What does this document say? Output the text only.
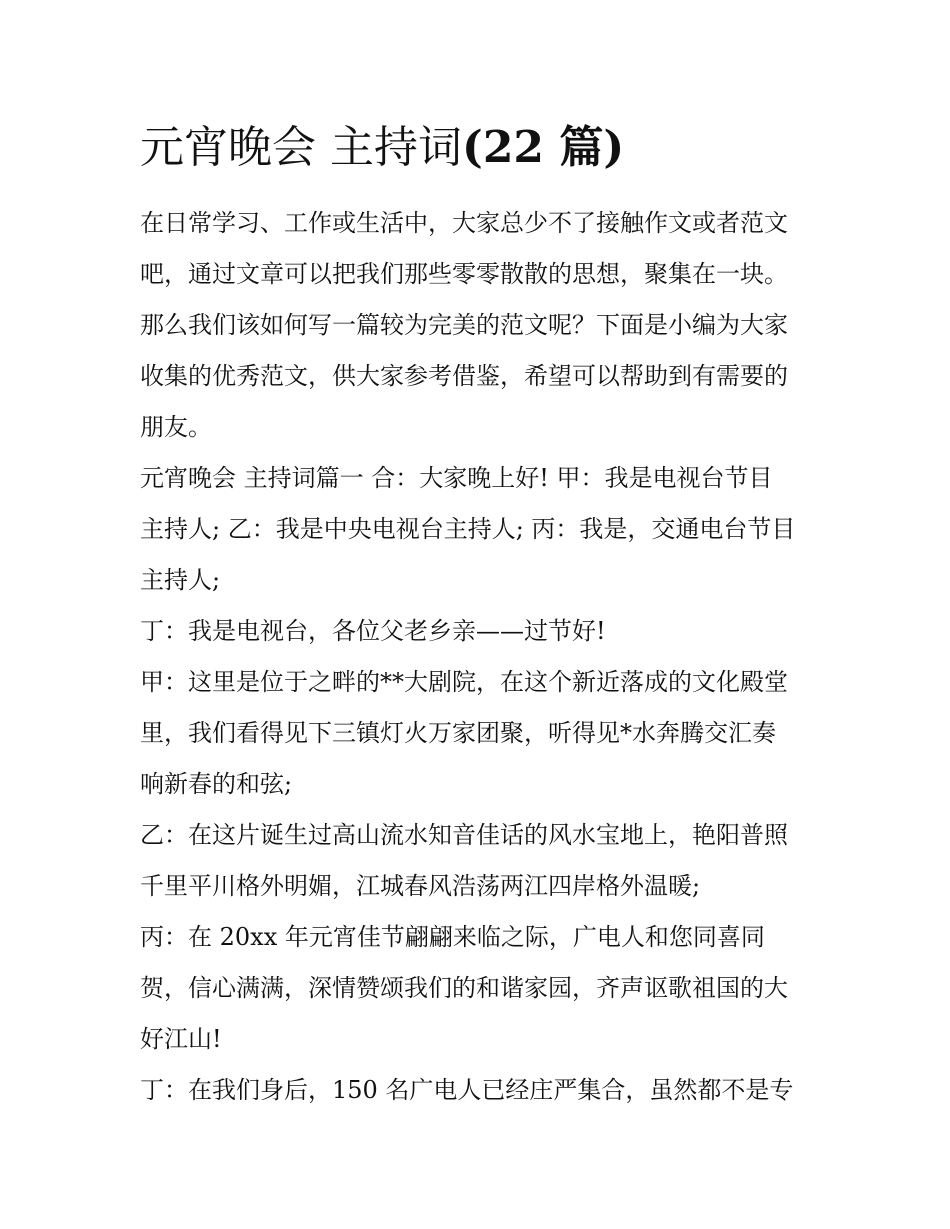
元宵晚会 主持词(22 篇)
在日常学习、工作或生活中，大家总少不了接触作文或者范文
吧，通过文章可以把我们那些零零散散的思想，聚集在一块。
那么我们该如何写一篇较为完美的范文呢？下面是小编为大家
收集的优秀范文，供大家参考借鉴，希望可以帮助到有需要的
朋友。
元宵晚会 主持词篇一 合：大家晚上好! 甲：我是电视台节目
主持人; 乙：我是中央电视台主持人; 丙：我是，交通电台节目
主持人;
丁：我是电视台，各位父老乡亲——过节好!
甲：这里是位于之畔的**大剧院，在这个新近落成的文化殿堂
里，我们看得见下三镇灯火万家团聚，听得见*水奔腾交汇奏
响新春的和弦;
乙：在这片诞生过高山流水知音佳话的风水宝地上，艳阳普照
千里平川格外明媚，江城春风浩荡两江四岸格外温暖;
丙：在 20xx 年元宵佳节翩翩来临之际，广电人和您同喜同
贺，信心满满，深情赞颂我们的和谐家园，齐声讴歌祖国的大
好江山!
丁：在我们身后，150 名广电人已经庄严集合，虽然都不是专
